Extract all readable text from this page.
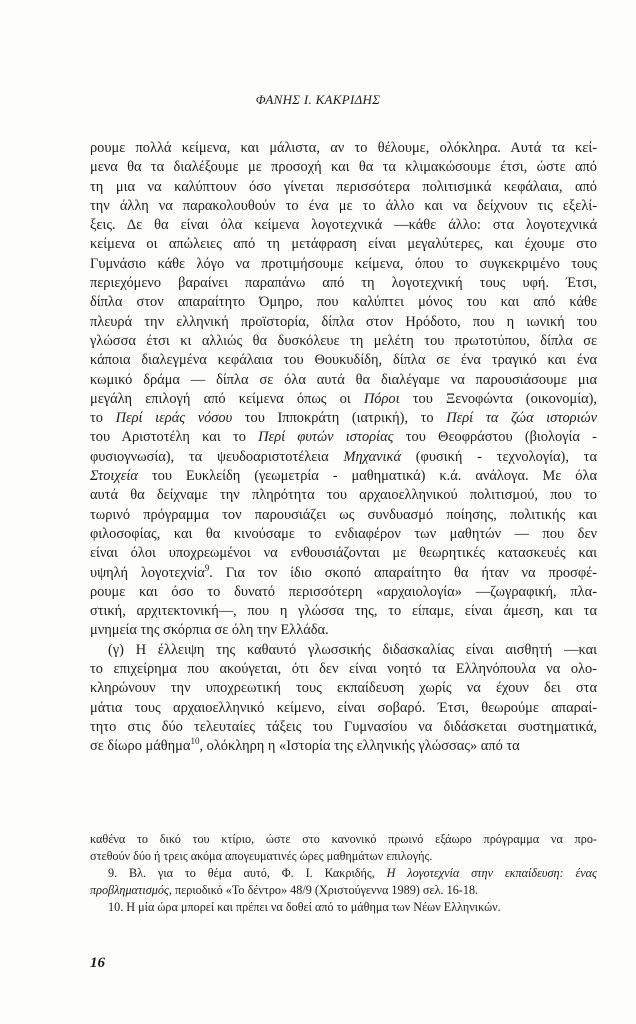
ΦΑΝΗΣ Ι. ΚΑΚΡΙΔΗΣ
ρουμε πολλά κείμενα, και μάλιστα, αν το θέλουμε, ολόκληρα. Αυτά τα κεί-
μενα θα τα διαλέξουμε με προσοχή και θα τα κλιμακώσουμε έτσι, ώστε από
τη μια να καλύπτουν όσο γίνεται περισσότερα πολιτισμικά κεφάλαια, από
την άλλη να παρακολουθούν το ένα με το άλλο και να δείχνουν τις εξελί-
ξεις. Δε θα είναι όλα κείμενα λογοτεχνικά —κάθε άλλο: στα λογοτεχνικά
κείμενα οι απώλειες από τη μετάφραση είναι μεγαλύτερες, και έχουμε στο
Γυμνάσιο κάθε λόγο να προτιμήσουμε κείμενα, όπου το συγκεκριμένο τους
περιεχόμενο βαραίνει παραπάνω από τη λογοτεχνική τους υφή. Έτσι,
δίπλα στον απαραίτητο Όμηρο, που καλύπτει μόνος του και από κάθε
πλευρά την ελληνική προϊστορία, δίπλα στον Ηρόδοτο, που η ιωνική του
γλώσσα έτσι κι αλλιώς θα δυσκόλευε τη μελέτη του πρωτοτύπου, δίπλα σε
κάποια διαλεγμένα κεφάλαια του Θουκυδίδη, δίπλα σε ένα τραγικό και ένα
κωμικό δράμα — δίπλα σε όλα αυτά θα διαλέγαμε να παρουσιάσουμε μια
μεγάλη επιλογή από κείμενα όπως οι Πόροι του Ξενοφώντα (οικονομία),
το Περί ιεράς νόσου του Ιπποκράτη (ιατρική), το Περί τα ζώα ιστοριών
του Αριστοτέλη και το Περί φυτών ιστορίας του Θεοφράστου (βιολογία -
φυσιογνωσία), τα ψευδοαριστοτέλεια Μηχανικά (φυσική - τεχνολογία), τα
Στοιχεία του Ευκλείδη (γεωμετρία - μαθηματικά) κ.ά. ανάλογα. Με όλα
αυτά θα δείχναμε την πληρότητα του αρχαιοελληνικού πολιτισμού, που το
τωρινό πρόγραμμα τον παρουσιάζει ως συνδυασμό ποίησης, πολιτικής και
φιλοσοφίας, και θα κινούσαμε το ενδιαφέρον των μαθητών — που δεν
είναι όλοι υποχρεωμένοι να ενθουσιάζονται με θεωρητικές κατασκευές και
υψηλή λογοτεχνία$^9$. Για τον ίδιο σκοπό απαραίτητο θα ήταν να προσφέ-
ρουμε και όσο το δυνατό περισσότερη «αρχαιολογία» —ζωγραφική, πλα-
στική, αρχιτεκτονική—, που η γλώσσα της, το είπαμε, είναι άμεση, και τα
μνημεία της σκόρπια σε όλη την Ελλάδα.
(γ) Η έλλειψη της καθαυτό γλωσσικής διδασκαλίας είναι αισθητή —και
το επιχείρημα που ακούγεται, ότι δεν είναι νοητό τα Ελληνόπουλα να ολο-
κληρώνουν την υποχρεωτική τους εκπαίδευση χωρίς να έχουν δει στα
μάτια τους αρχαιοελληνικό κείμενο, είναι σοβαρό. Έτσι, θεωρούμε απαραί-
τητο στις δύο τελευταίες τάξεις του Γυμνασίου να διδάσκεται συστηματικά,
σε δίωρο μάθημα$^{10}$, ολόκληρη η «Ιστορία της ελληνικής γλώσσας» από τα
καθένα το δικό του κτίριο, ώστε στο κανονικό πρωινό εξάωρο πρόγραμμα να προ-
στεθούν δύο ή τρεις ακόμα απογευματινές ώρες μαθημάτων επιλογής.
9. Βλ. για το θέμα αυτό, Φ. Ι. Κακριδής, Η λογοτεχνία στην εκπαίδευση: ένας
προβληματισμός, περιοδικό «Το δέντρο» 48/9 (Χριστούγεννα 1989) σελ. 16-18.
10. Η μία ώρα μπορεί και πρέπει να δοθεί από το μάθημα των Νέων Ελληνικών.
16
